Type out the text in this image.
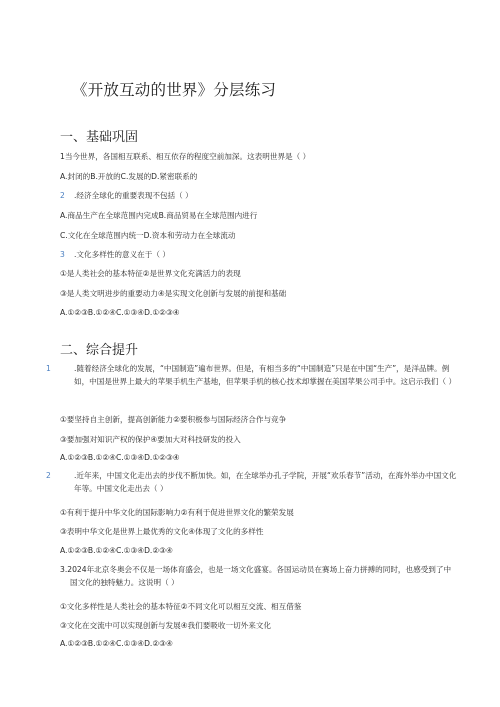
《开放互动的世界》分层练习
一、基础巩固
1当今世界，各国相互联系、相互依存的程度空前加深。这表明世界是（ ）
A.封闭的B.开放的C.发展的D.紧密联系的
2 .经济全球化的重要表现不包括（ ）
A.商品生产在全球范围内完成B.商品贸易在全球范围内进行
C.文化在全球范围内统一D.资本和劳动力在全球流动
3 .文化多样性的意义在于（ ）
①是人类社会的基本特征②是世界文化充满活力的表现
③是人类文明进步的重要动力④是实现文化创新与发展的前提和基础
A.①②③B.①②④C.①③④D.①②③④
二、综合提升
1	.随着经济全球化的发展，“中国制造”遍布世界。但是，有相当多的“中国制造”只是在中国“生产”，是洋品牌。例如，中国是世界上最大的苹果手机生产基地，但苹果手机的核心技术却掌握在美国苹果公司手中。这启示我们（ ）
①要坚持自主创新，提高创新能力②要积极参与国际经济合作与竞争
③要加强对知识产权的保护④要加大对科技研发的投入
A.①②③B.①②④C.①③④D.①②③④
2	.近年来，中国文化走出去的步伐不断加快。如，在全球举办孔子学院，开展“欢乐春节”活动，在海外举办中国文化年等。中国文化走出去（ ）
①有利于提升中华文化的国际影响力②有利于促进世界文化的繁荣发展
③表明中华文化是世界上最优秀的文化④体现了文化的多样性
A.①②③B.①②④C.①③④D.②③④
3.2024年北京冬奥会不仅是一场体育盛会，也是一场文化盛宴。各国运动员在赛场上奋力拼搏的同时，也感受到了中国文化的独特魅力。这说明（ ）
①文化多样性是人类社会的基本特征②不同文化可以相互交流、相互借鉴
③文化在交流中可以实现创新与发展④我们要吸收一切外来文化
A.①②③B.①②④C.①③④D.②③④
